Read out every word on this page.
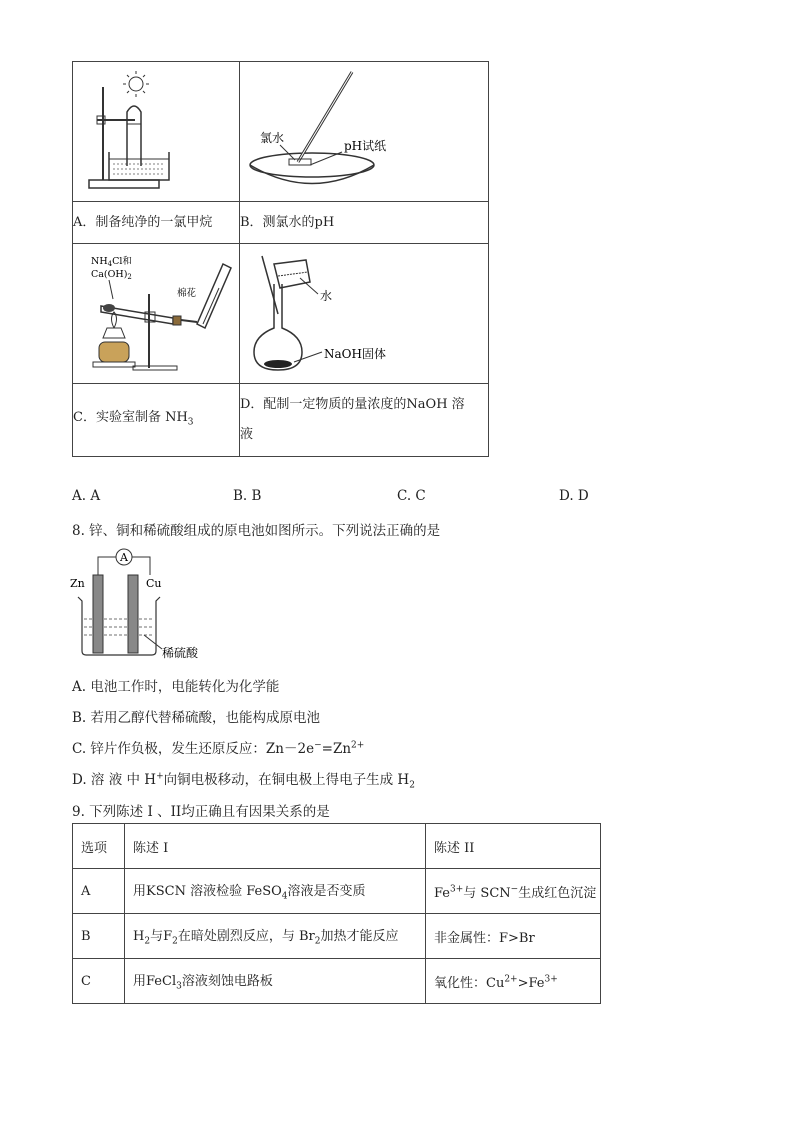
氯水
pH试纸

A．制备纯净的一氯甲烷	B．测氯水的pH

$NH_4Cl$和
$Ca(OH)_2$
棉花	水
NaOH固体

C．实验室制备 $NH_3$	D．配制一定物质的量浓度的NaOH 溶
液
A. A	B. B	C. C	D. D
8. 锌、铜和稀硫酸组成的原电池如图所示。下列说法正确的是
A
Zn	Cu
稀硫酸
A. 电池工作时，电能转化为化学能
B. 若用乙醇代替稀硫酸，也能构成原电池
C. 锌片作负极，发生还原反应：$Zn-2e^-=Zn^{2+}$
D. 溶 液 中 H+向铜电极移动，在铜电极上得电子生成 $H_2$
9. 下列陈述 I 、II均正确且有因果关系的是
选项	陈述 I	陈述 II
A	用KSCN 溶液检验 FeSO$_4$溶液是否变质	$Fe^{3+}$与 SCN−生成红色沉淀
B	$H_2$与$F_2$在暗处剧烈反应，与 $Br_2$加热才能反应	非金属性：F>Br
C	用FeCl$_3$溶液刻蚀电路板	氧化性：$Cu^{2+}>Fe^{3+}$
